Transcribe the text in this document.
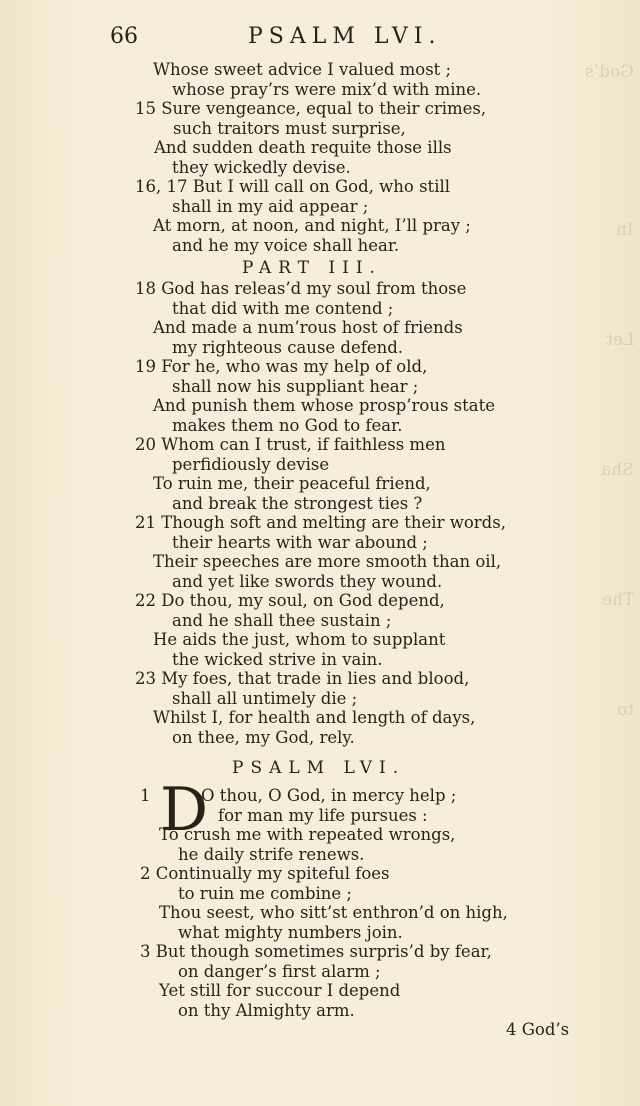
God’s
In
Let
Sha
The
to
66	PSALM LVI.
Whose sweet advice I valued most ;
whose pray’rs were mix’d with mine.
15 Sure vengeance, equal to their crimes,
such traitors must surprise,
And sudden death requite those ills
they wickedly devise.
16, 17 But I will call on God, who still
shall in my aid appear ;
At morn, at noon, and night, I’ll pray ;
and he my voice shall hear.
PART III.
18 God has releas’d my soul from those
that did with me contend ;
And made a num’rous host of friends
my righteous cause defend.
19 For he, who was my help of old,
shall now his suppliant hear ;
And punish them whose prosp’rous state
makes them no God to fear.
20 Whom can I trust, if faithless men
perfidiously devise
To ruin me, their peaceful friend,
and break the strongest ties ?
21 Though soft and melting are their words,
their hearts with war abound ;
Their speeches are more smooth than oil,
and yet like swords they wound.
22 Do thou, my soul, on God depend,
and he shall thee sustain ;
He aids the just, whom to supplant
the wicked strive in vain.
23 My foes, that trade in lies and blood,
shall all untimely die ;
Whilst I, for health and length of days,
on thee, my God, rely.
PSALM LVI.
1 D
O thou, O God, in mercy help ;
for man my life pursues :
To crush me with repeated wrongs,
he daily strife renews.
2 Continually my spiteful foes
to ruin me combine ;
Thou seest, who sitt’st enthron’d on high,
what mighty numbers join.
3 But though sometimes surpris’d by fear,
on danger’s first alarm ;
Yet still for succour I depend
on thy Almighty arm.
4 God’s
